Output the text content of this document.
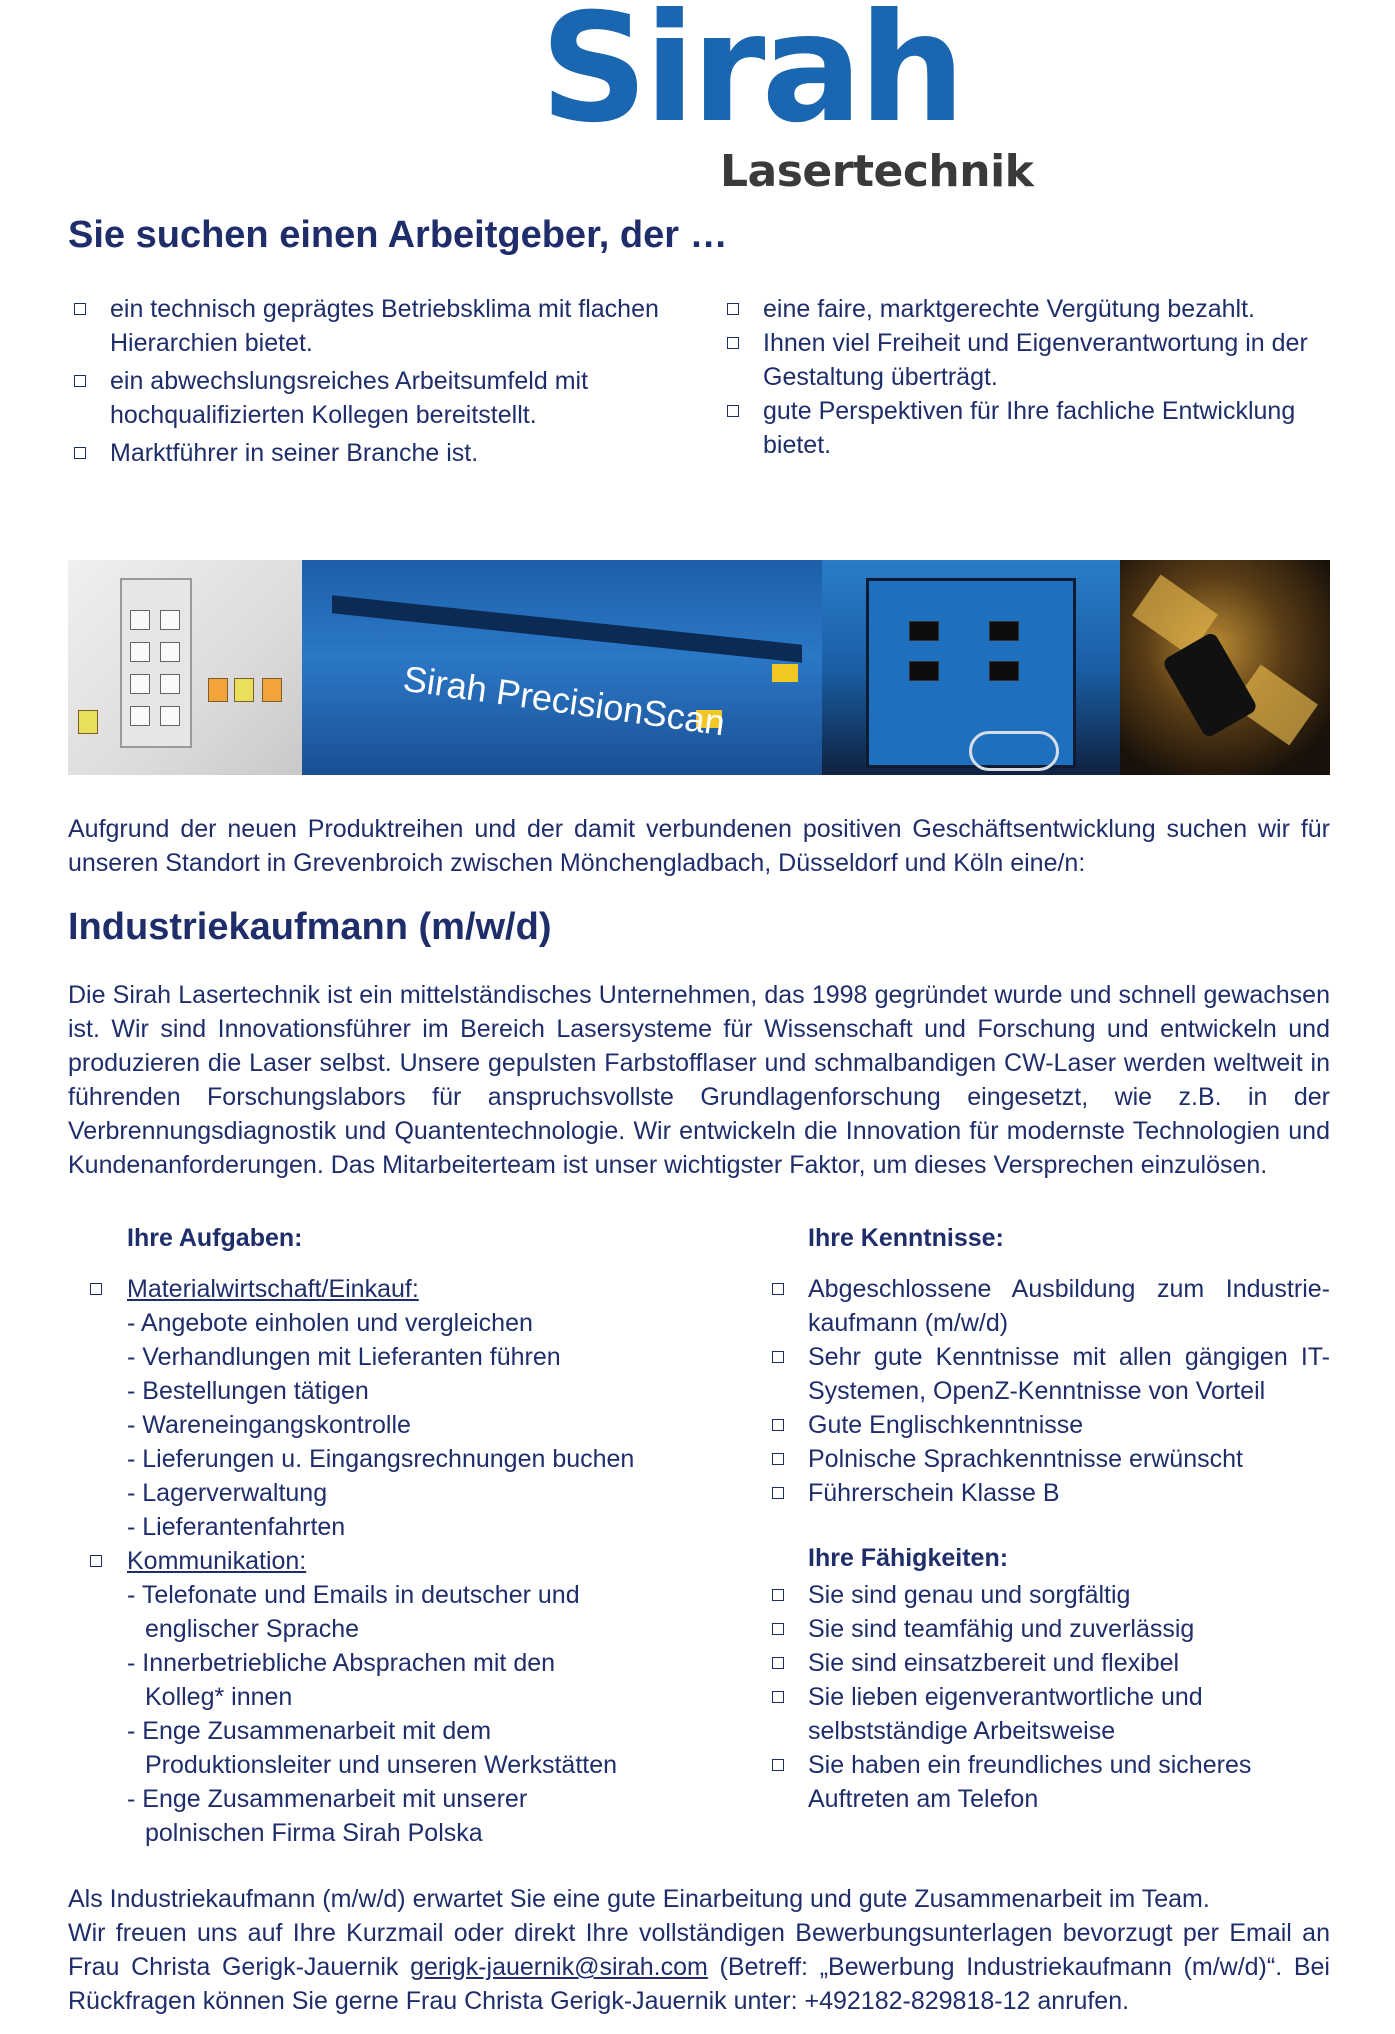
Sirah
Lasertechnik
Sie suchen einen Arbeitgeber, der …
ein technisch geprägtes Betriebsklima mit flachen Hierarchien bietet.
ein abwechslungsreiches Arbeitsumfeld mit hochqualifizierten Kollegen bereitstellt.
Marktführer in seiner Branche ist.
eine faire, marktgerechte Vergütung bezahlt.
Ihnen viel Freiheit und Eigenverantwortung in der Gestaltung überträgt.
gute Perspektiven für Ihre fachliche Entwicklung bietet.
Sirah PrecisionScan

Aufgrund der neuen Produktreihen und der damit verbundenen positiven Geschäftsentwicklung suchen wir für unseren Standort in Grevenbroich zwischen Mönchengladbach, Düsseldorf und Köln eine/n:

Industriekaufmann (m/w/d)

Die Sirah Lasertechnik ist ein mittelständisches Unternehmen, das 1998 gegründet wurde und schnell gewachsen ist. Wir sind Innovationsführer im Bereich Lasersysteme für Wissenschaft und Forschung und entwickeln und produzieren die Laser selbst. Unsere gepulsten Farbstofflaser und schmalbandigen CW-Laser werden weltweit in führenden Forschungslabors für anspruchsvollste Grundlagenforschung eingesetzt, wie z.B. in der Verbrennungsdiagnostik und Quantentechnologie. Wir entwickeln die Innovation für modernste Technologien und Kundenanforderungen. Das Mitarbeiterteam ist unser wichtigster Faktor, um dieses Versprechen einzulösen.

Ihre Aufgaben:	Ihre Kenntnisse:
Materialwirtschaft/Einkauf:
- Angebote einholen und vergleichen
- Verhandlungen mit Lieferanten führen
- Bestellungen tätigen
- Wareneingangskontrolle
- Lieferungen u. Eingangsrechnungen buchen
- Lagerverwaltung
- Lieferantenfahrten
Kommunikation:
- Telefonate und Emails in deutscher und
englischer Sprache
- Innerbetriebliche Absprachen mit den
Kolleg* innen
- Enge Zusammenarbeit mit dem
Produktionsleiter und unseren Werkstätten
- Enge Zusammenarbeit mit unserer
polnischen Firma Sirah Polska
Abgeschlossene Ausbildung zum Industrie-kaufmann (m/w/d)
Sehr gute Kenntnisse mit allen gängigen IT-Systemen, OpenZ-Kenntnisse von Vorteil
Gute Englischkenntnisse
Polnische Sprachkenntnisse erwünscht
Führerschein Klasse B
Ihre Fähigkeiten:
Sie sind genau und sorgfältig
Sie sind teamfähig und zuverlässig
Sie sind einsatzbereit und flexibel
Sie lieben eigenverantwortliche und selbstständige Arbeitsweise
Sie haben ein freundliches und sicheres Auftreten am Telefon
Als Industriekaufmann (m/w/d) erwartet Sie eine gute Einarbeitung und gute Zusammenarbeit im Team.
Wir freuen uns auf Ihre Kurzmail oder direkt Ihre vollständigen Bewerbungsunterlagen bevorzugt per Email an Frau Christa Gerigk-Jauernik gerigk-jauernik@sirah.com (Betreff: „Bewerbung Industriekaufmann (m/w/d)“. Bei Rückfragen können Sie gerne Frau Christa Gerigk-Jauernik unter: +492182-829818-12 anrufen.
